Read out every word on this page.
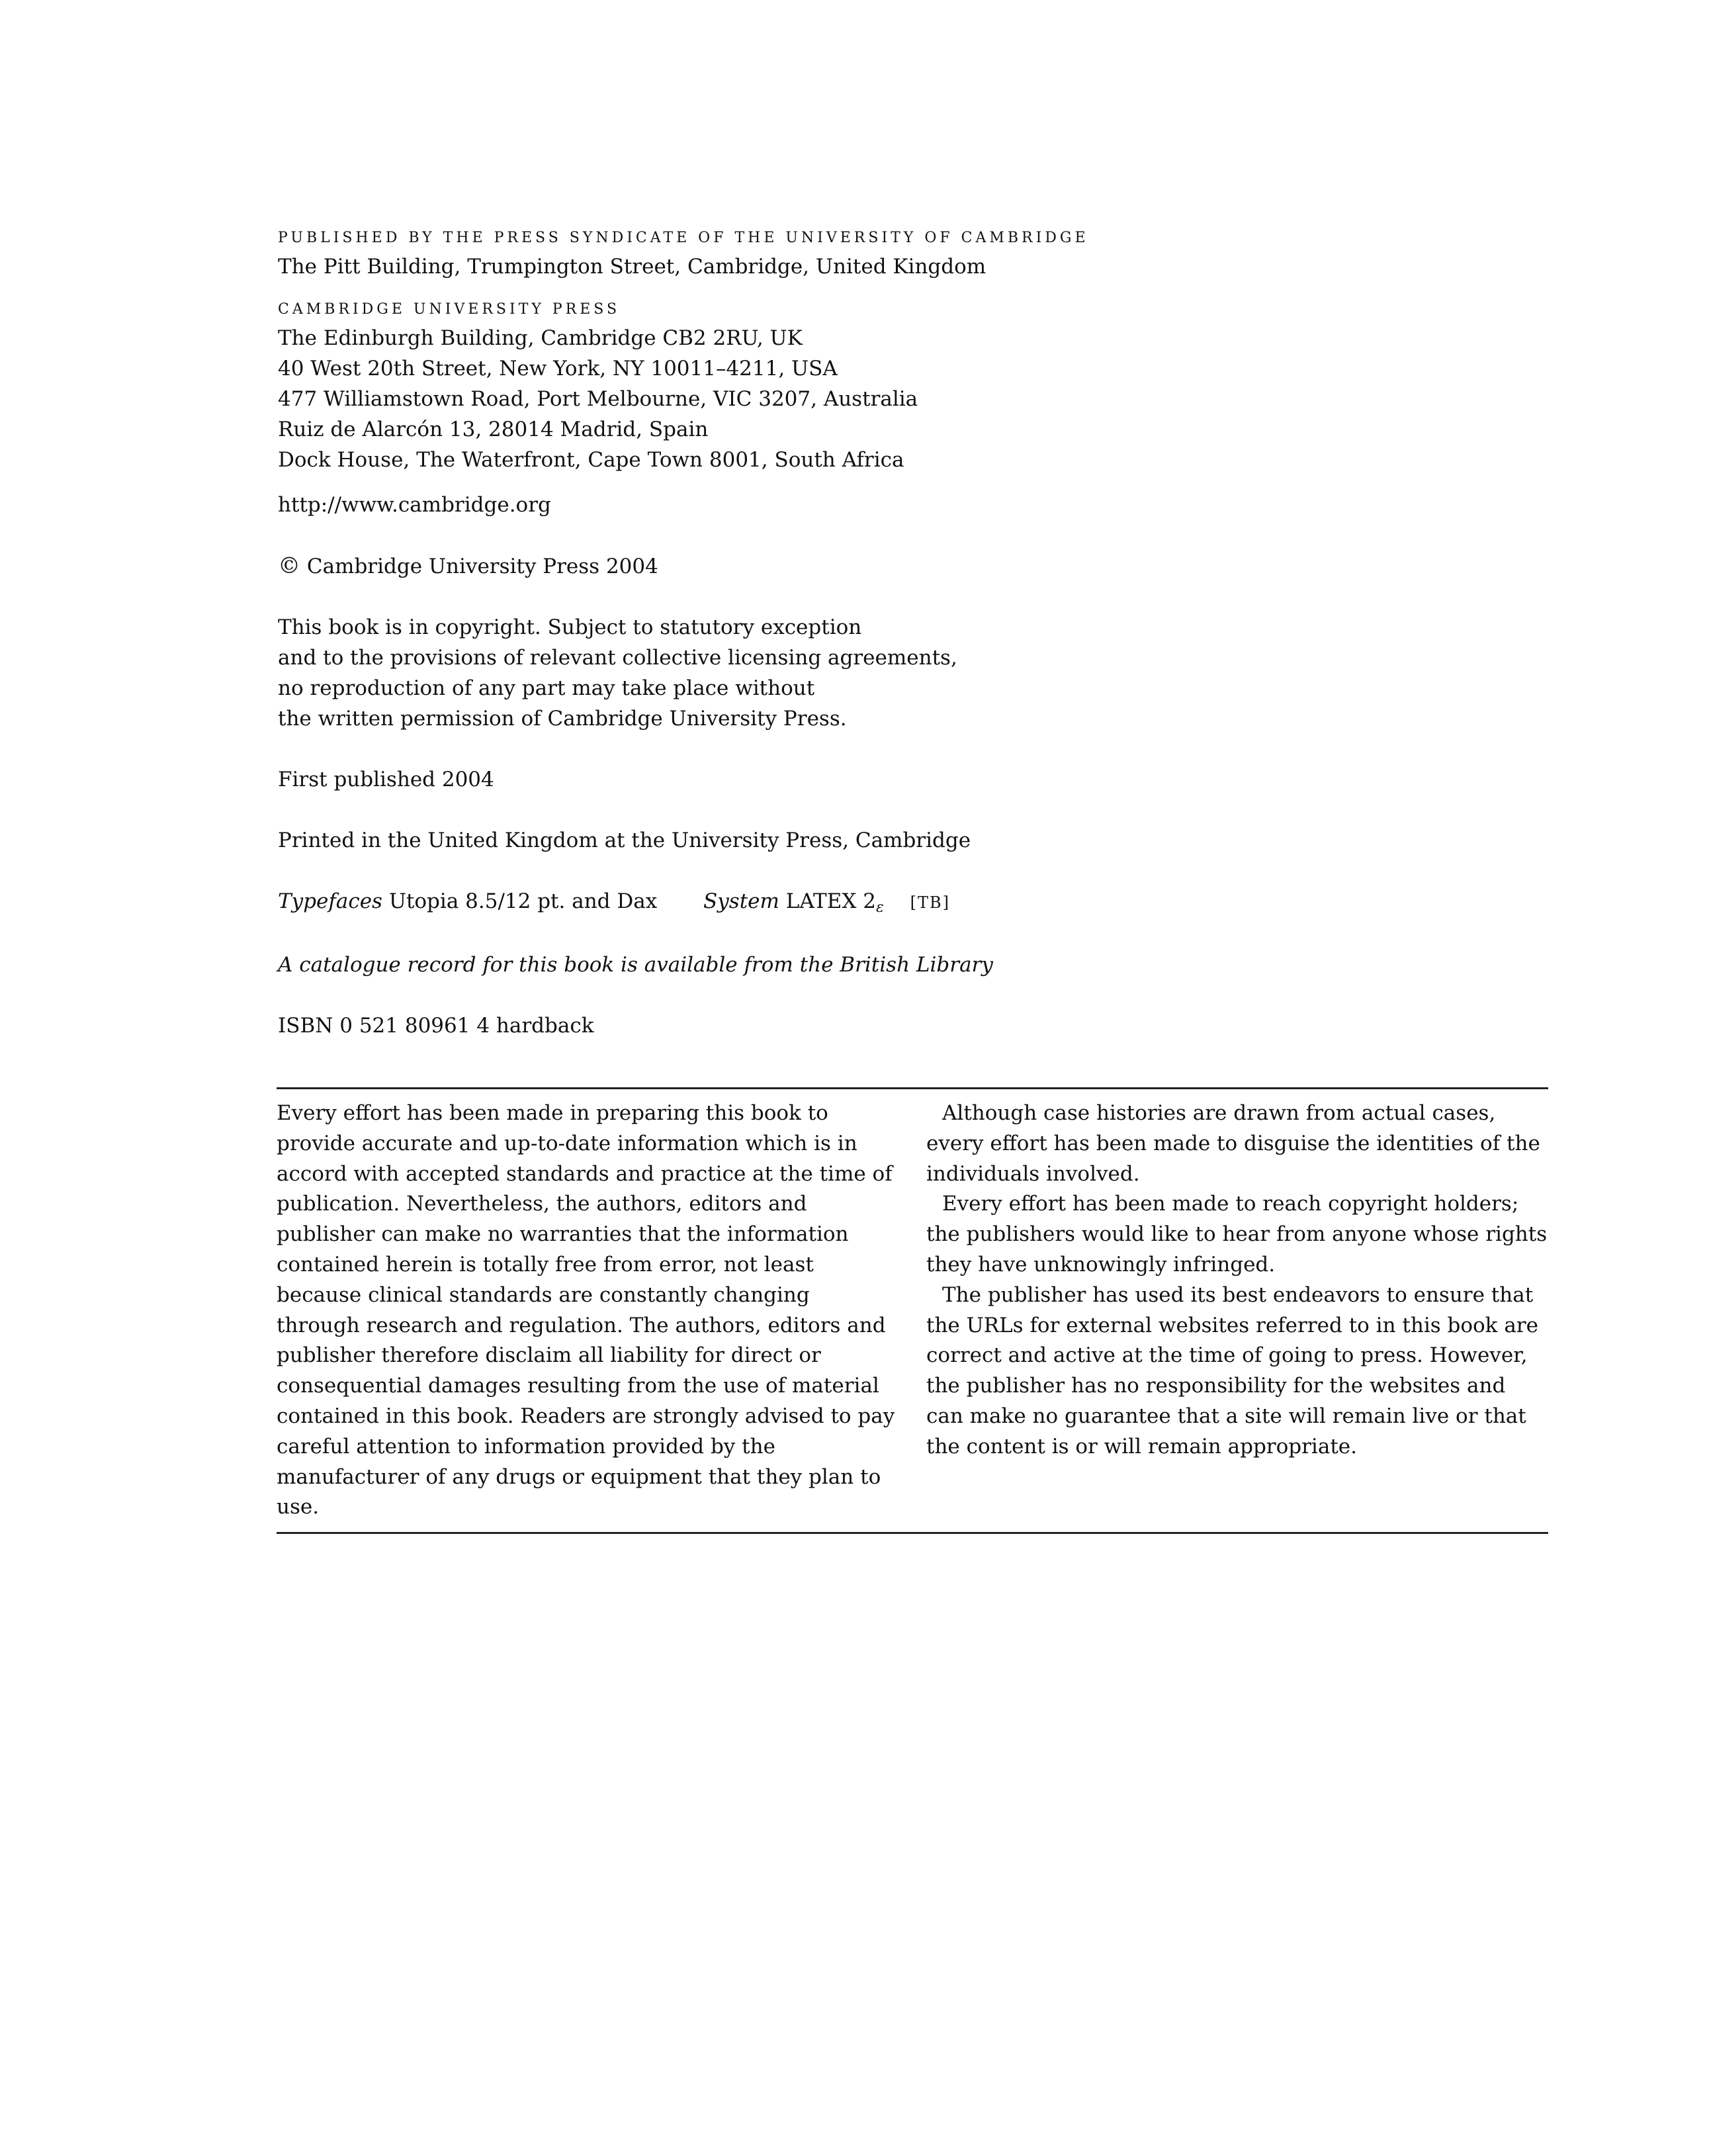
PUBLISHED BY THE PRESS SYNDICATE OF THE UNIVERSITY OF CAMBRIDGE
The Pitt Building, Trumpington Street, Cambridge, United Kingdom
CAMBRIDGE UNIVERSITY PRESS
The Edinburgh Building, Cambridge CB2 2RU, UK
40 West 20th Street, New York, NY 10011–4211, USA
477 Williamstown Road, Port Melbourne, VIC 3207, Australia
Ruiz de Alarcón 13, 28014 Madrid, Spain
Dock House, The Waterfront, Cape Town 8001, South Africa
http://www.cambridge.org
© Cambridge University Press 2004
This book is in copyright. Subject to statutory exception
and to the provisions of relevant collective licensing agreements,
no reproduction of any part may take place without
the written permission of Cambridge University Press.
First published 2004
Printed in the United Kingdom at the University Press, Cambridge
Typefaces Utopia 8.5/12 pt. and Dax System LATEX 2ε [TB]
A catalogue record for this book is available from the British Library
ISBN 0 521 80961 4 hardback

Every effort has been made in preparing this book to provide accurate and up-to-date information which is in accord with accepted standards and practice at the time of publication. Nevertheless, the authors, editors and publisher can make no warranties that the information contained herein is totally free from error, not least because clinical standards are constantly changing through research and regulation. The authors, editors and publisher therefore disclaim all liability for direct or consequential damages resulting from the use of material contained in this book. Readers are strongly advised to pay careful attention to information provided by the manufacturer of any drugs or equipment that they plan to use.

Although case histories are drawn from actual cases, every effort has been made to disguise the identities of the individuals involved.

Every effort has been made to reach copyright holders; the publishers would like to hear from anyone whose rights they have unknowingly infringed.

The publisher has used its best endeavors to ensure that the URLs for external websites referred to in this book are correct and active at the time of going to press. However, the publisher has no responsibility for the websites and can make no guarantee that a site will remain live or that the content is or will remain appropriate.
